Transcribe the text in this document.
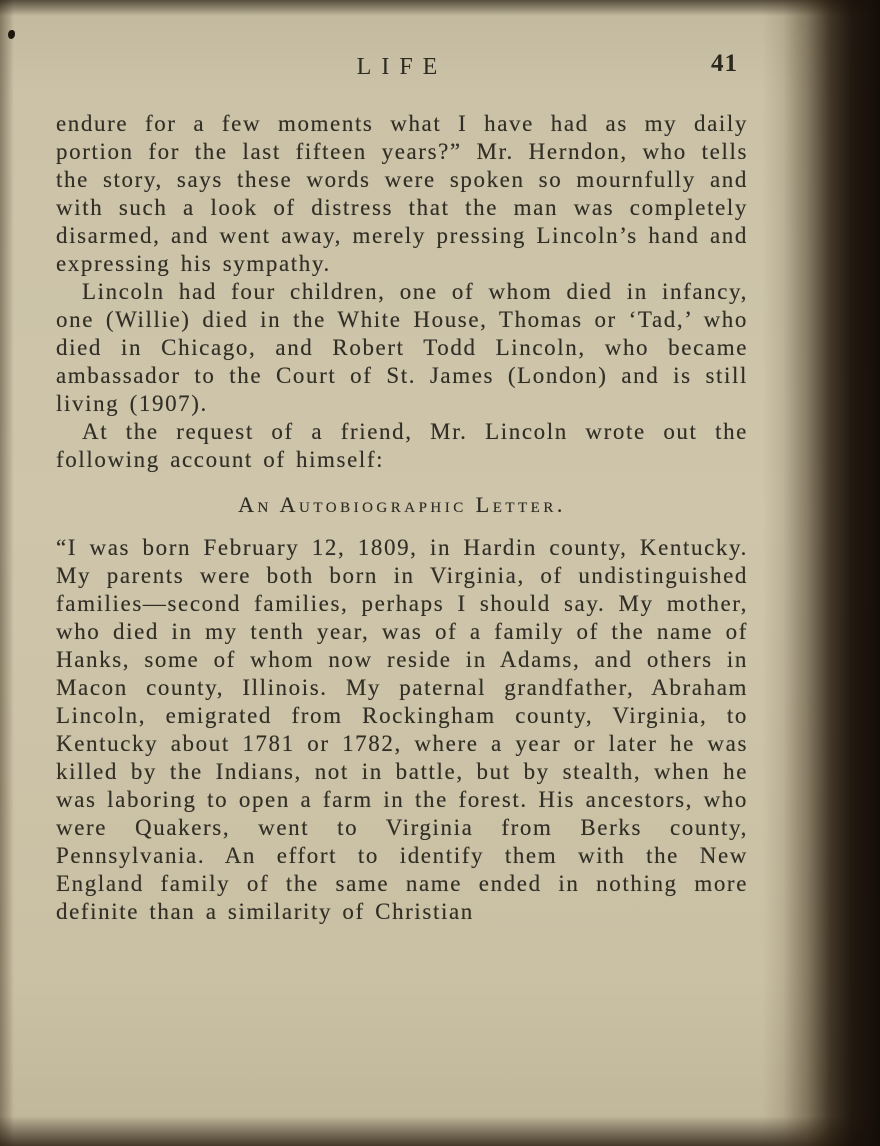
LIFE	41

endure for a few moments what I have had as my daily portion for the last fifteen years?” Mr. Herndon, who tells the story, says these words were spoken so mournfully and with such a look of distress that the man was completely disarmed, and went away, merely pressing Lincoln’s hand and expressing his sympathy.

Lincoln had four children, one of whom died in infancy, one (Willie) died in the White House, Thomas or ‘Tad,’ who died in Chicago, and Robert Todd Lincoln, who became ambassador to the Court of St. James (London) and is still living (1907).

At the request of a friend, Mr. Lincoln wrote out the following account of himself:

An Autobiographic Letter.

“I was born February 12, 1809, in Hardin county, Kentucky. My parents were both born in Virginia, of undistinguished families—second families, perhaps I should say. My mother, who died in my tenth year, was of a family of the name of Hanks, some of whom now reside in Adams, and others in Macon county, Illinois. My paternal grandfather, Abraham Lincoln, emigrated from Rockingham county, Virginia, to Kentucky about 1781 or 1782, where a year or later he was killed by the Indians, not in battle, but by stealth, when he was laboring to open a farm in the forest. His ancestors, who were Quakers, went to Virginia from Berks county, Pennsylvania. An effort to identify them with the New England family of the same name ended in nothing more definite than a similarity of Christian
